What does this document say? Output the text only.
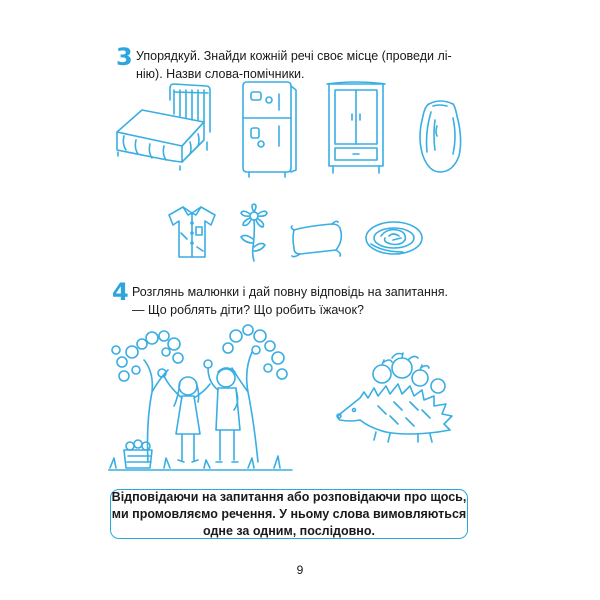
3 Упорядкуй. Знайди кожній речі своє місце (проведи лі-
нію). Назви слова-помічники.
4 Розглянь малюнки і дай повну відповідь на запитання.
— Що роблять діти? Що робить їжачок?
Відповідаючи на запитання або розповідаючи про щось,
ми промовляємо речення. У ньому слова вимовляються
одне за одним, послідовно.
9
